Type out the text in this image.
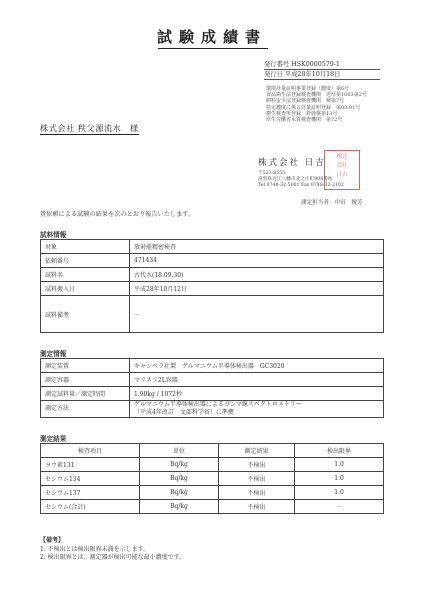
試験成績書
発行番号 HSK0000579-1
発行日 平成28年10月18日
環境計量証明事業登録（濃度）第6号
食品衛生法登録検査機関　近厚第1003第2号
飼料安全法登録検査機関　検第7号
特定濃度に係る計量証明登録　第03-01号
衛生検査所登録　鈴鹿検第13号
厚生労働省水質検査機関　第72号
株式会社 秩父源流水　様
株式
会社
日吉
株式会社 日吉
〒523-8555
滋賀県近江八幡市北之庄町908番地
Tel 0748-32-5001 Fax 0748-32-3102
測定担当者：中田　俊芳
貴依頼による試験の結果を次のとおり報告いたします。
試料情報
対象	放射能精密検査
依頼番号	471434
試料名	古代水(18.09.30)
試料搬入日	平成28年10月12日
試料備考	－
測定情報
測定装置	キャンベラ社製　ゲルマニウム半導体検出器　GC3020
測定容器	マリネリ2L容器
測定試料量／測定時間	1.90kg / 1072秒
測定方法	ゲルマニウム半導体検出器によるガンマ線スペクトロメトリー
（平成4年改訂　文部科学省）に準拠
測定結果
検査項目	単位	測定結果	検出限界
ヨウ素131	Bq/kg	不検出	1.0
セシウム134	Bq/kg	不検出	1.0
セシウム137	Bq/kg	不検出	1.0
セシウム(合計)	Bq/kg	不検出	－
【備考】
1. 不検出とは検出限界未満を示します。
2. 検出限界とは、測定器が検出可能な最小濃度です。
